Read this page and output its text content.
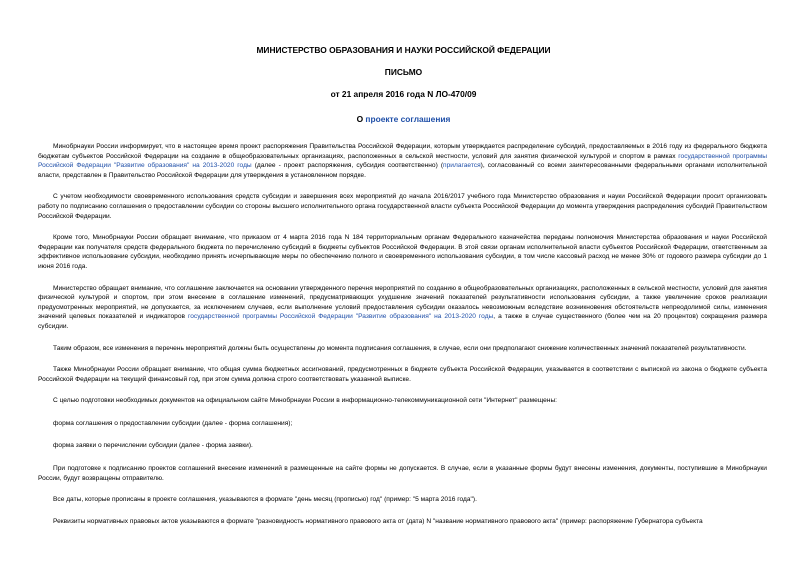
МИНИСТЕРСТВО ОБРАЗОВАНИЯ И НАУКИ РОССИЙСКОЙ ФЕДЕРАЦИИ
ПИСЬМО
от 21 апреля 2016 года N ЛО-470/09
О проекте соглашения

Минобрнауки России информирует, что в настоящее время проект распоряжения Правительства Российской Федерации, которым утверждается распределение субсидий, предоставляемых в 2016 году из федерального бюджета бюджетам субъектов Российской Федерации на создание в общеобразовательных организациях, расположенных в сельской местности, условий для занятия физической культурой и спортом в рамках государственной программы Российской Федерации "Развитие образования" на 2013-2020 годы (далее - проект распоряжения, субсидия соответственно) (прилагается), согласованный со всеми заинтересованными федеральными органами исполнительной власти, представлен в Правительство Российской Федерации для утверждения в установленном порядке.

С учетом необходимости своевременного использования средств субсидии и завершения всех мероприятий до начала 2016/2017 учебного года Министерство образования и науки Российской Федерации просит организовать работу по подписанию соглашения о предоставлении субсидии со стороны высшего исполнительного органа государственной власти субъекта Российской Федерации до момента утверждения распределения субсидий Правительством Российской Федерации.

Кроме того, Минобрнауки России обращает внимание, что приказом от 4 марта 2016 года N 184 территориальным органам Федерального казначейства переданы полномочия Министерства образования и науки Российской Федерации как получателя средств федерального бюджета по перечислению субсидий в бюджеты субъектов Российской Федерации. В этой связи органам исполнительной власти субъектов Российской Федерации, ответственным за эффективное использование субсидии, необходимо принять исчерпывающие меры по обеспечению полного и своевременного использования субсидии, в том числе кассовый расход не менее 30% от годового размера субсидии до 1 июня 2016 года.

Министерство обращает внимание, что соглашение заключается на основании утвержденного перечня мероприятий по созданию в общеобразовательных организациях, расположенных в сельской местности, условий для занятия физической культурой и спортом, при этом внесение в соглашение изменений, предусматривающих ухудшение значений показателей результативности использования субсидии, а также увеличение сроков реализации предусмотренных мероприятий, не допускается, за исключением случаев, если выполнение условий предоставления субсидии оказалось невозможным вследствие возникновения обстоятельств непреодолимой силы, изменения значений целевых показателей и индикаторов государственной программы Российской Федерации "Развитие образования" на 2013-2020 годы, а также в случае существенного (более чем на 20 процентов) сокращения размера субсидии.

Таким образом, все изменения в перечень мероприятий должны быть осуществлены до момента подписания соглашения, в случае, если они предполагают снижение количественных значений показателей результативности.

Также Минобрнауки России обращает внимание, что общая сумма бюджетных ассигнований, предусмотренных в бюджете субъекта Российской Федерации, указывается в соответствии с выпиской из закона о бюджете субъекта Российской Федерации на текущий финансовый год, при этом сумма должна строго соответствовать указанной выписке.

С целью подготовки необходимых документов на официальном сайте Минобрнауки России в информационно-телекоммуникационной сети "Интернет" размещены:

форма соглашения о предоставлении субсидии (далее - форма соглашения);

форма заявки о перечислении субсидии (далее - форма заявки).

При подготовке к подписанию проектов соглашений внесение изменений в размещенные на сайте формы не допускается. В случае, если в указанные формы будут внесены изменения, документы, поступившие в Минобрнауки России, будут возвращены отправителю.

Все даты, которые прописаны в проекте соглашения, указываются в формате "день месяц (прописью) год" (пример: "5 марта 2016 года").

Реквизиты нормативных правовых актов указываются в формате "разновидность нормативного правового акта от (дата) N "название нормативного правового акта" (пример: распоряжение Губернатора субъекта
